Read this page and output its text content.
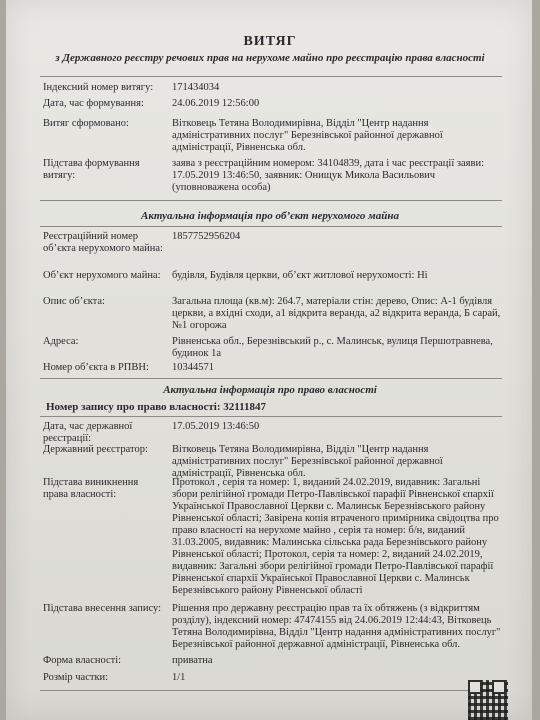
ВИТЯГ
з Державного реєстру речових прав на нерухоме майно про реєстрацію права власності
Індексний номер витягу:	171434034
Дата, час формування:	24.06.2019 12:56:00
Витяг сформовано:	Вітковець Тетяна Володимирівна, Відділ "Центр надання адміністративних послуг" Березнівської районної державної адміністрації, Рівненська обл.
Підстава формування витягу:
заява з реєстраційним номером: 34104839, дата і час реєстрації заяви: 17.05.2019 13:46:50, заявник: Онищук Микола Васильович (уповноважена особа)
Актуальна інформація про об’єкт нерухомого майна
Реєстраційний номер об’єкта нерухомого майна:
1857752956204
Об’єкт нерухомого майна: будівля, Будівля церкви, об’єкт житлової нерухомості: Ні
Опис об’єкта:	Загальна площа (кв.м): 264.7, матеріали стін: дерево, Опис: А-1 будівля церкви, а вхідні сходи, а1 відкрита веранда, а2 відкрита веранда, Б сарай, №1 огорожа
Адреса:	Рівненська обл., Березнівський р., с. Малинськ, вулиця Першотравнева, будинок 1а
Номер об’єкта в РПВН:	10344571
Актуальна інформація про право власності
Номер запису про право власності: 32111847
Дата, час державної реєстрації:
17.05.2019 13:46:50
Державний реєстратор:	Вітковець Тетяна Володимирівна, Відділ "Центр надання адміністративних послуг" Березнівської районної державної адміністрації, Рівненська обл.
Підстава виникнення права власності:
Протокол , серія та номер: 1, виданий 24.02.2019, видавник: Загальні збори релігійної громади Петро-Павлівської парафії Рівненської єпархії Української Православної Церкви с. Малинськ Березнівського району Рівненської області; Завірена копія втраченого примірника свідоцтва про право власності на нерухоме майно , серія та номер: б/н, виданий 31.03.2005, видавник: Малинська сільська рада Березнівського району Рівненської області; Протокол, серія та номер: 2, виданий 24.02.2019, видавник: Загальні збори релігійної громади Петро-Павлівської парафії Рівненської єпархії Української Православної Церкви с. Малинськ Березнівського району Рівненської області
Підстава внесення запису: Рішення про державну реєстрацію прав та їх обтяжень (з відкриттям розділу), індексний номер: 47474155 від 24.06.2019 12:44:43, Вітковець Тетяна Володимирівна, Відділ "Центр надання адміністративних послуг" Березнівської районної державної адміністрації, Рівненська обл.
Форма власності:	приватна
Розмір частки:	1/1
